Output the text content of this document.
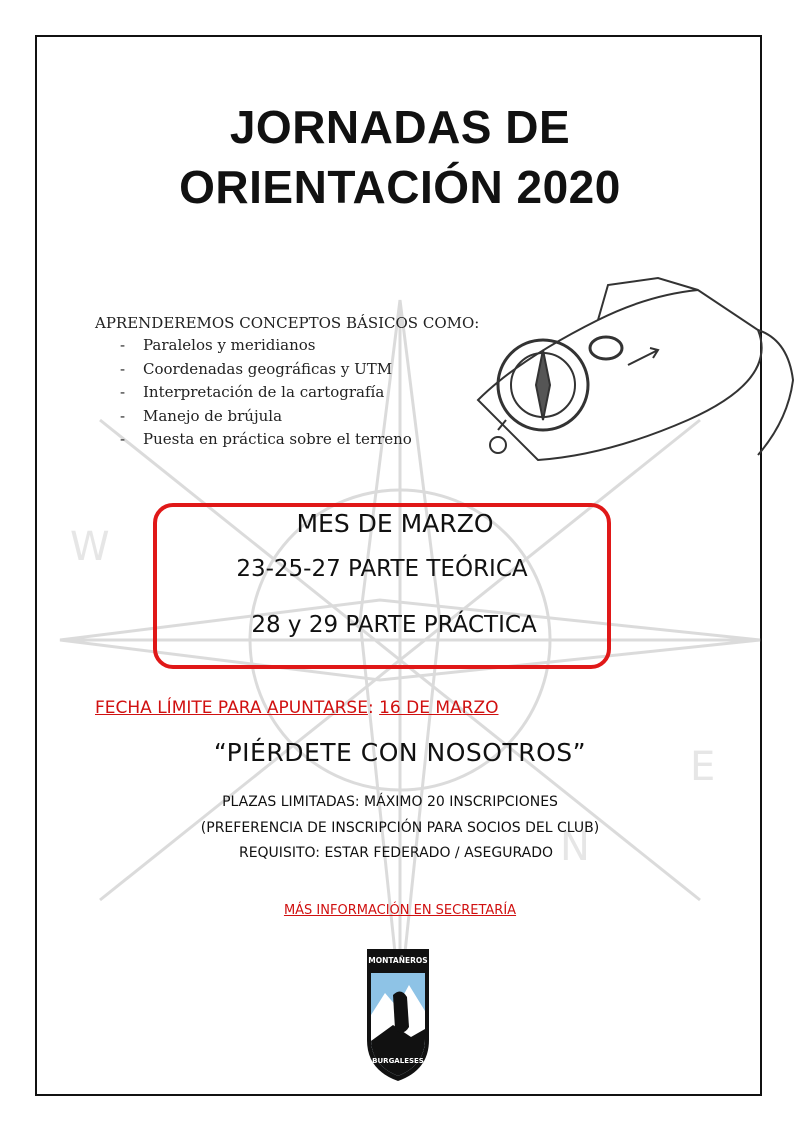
W
E
N
JORNADAS DE
ORIENTACIÓN 2020
APRENDEREMOS CONCEPTOS BÁSICOS COMO:
- Paralelos y meridianos
- Coordenadas geográficas y UTM
- Interpretación de la cartografía
- Manejo de brújula
- Puesta en práctica sobre el terreno
MES DE MARZO
23-25-27 PARTE TEÓRICA
28 y 29 PARTE PRÁCTICA
FECHA LÍMITE PARA APUNTARSE: 16 DE MARZO
“PIÉRDETE CON NOSOTROS”
PLAZAS LIMITADAS: MÁXIMO 20 INSCRIPCIONES
(PREFERENCIA DE INSCRIPCIÓN PARA SOCIOS DEL CLUB)
REQUISITO: ESTAR FEDERADO / ASEGURADO
MÁS INFORMACIÓN EN SECRETARÍA
MONTAÑEROS
BURGALESES
